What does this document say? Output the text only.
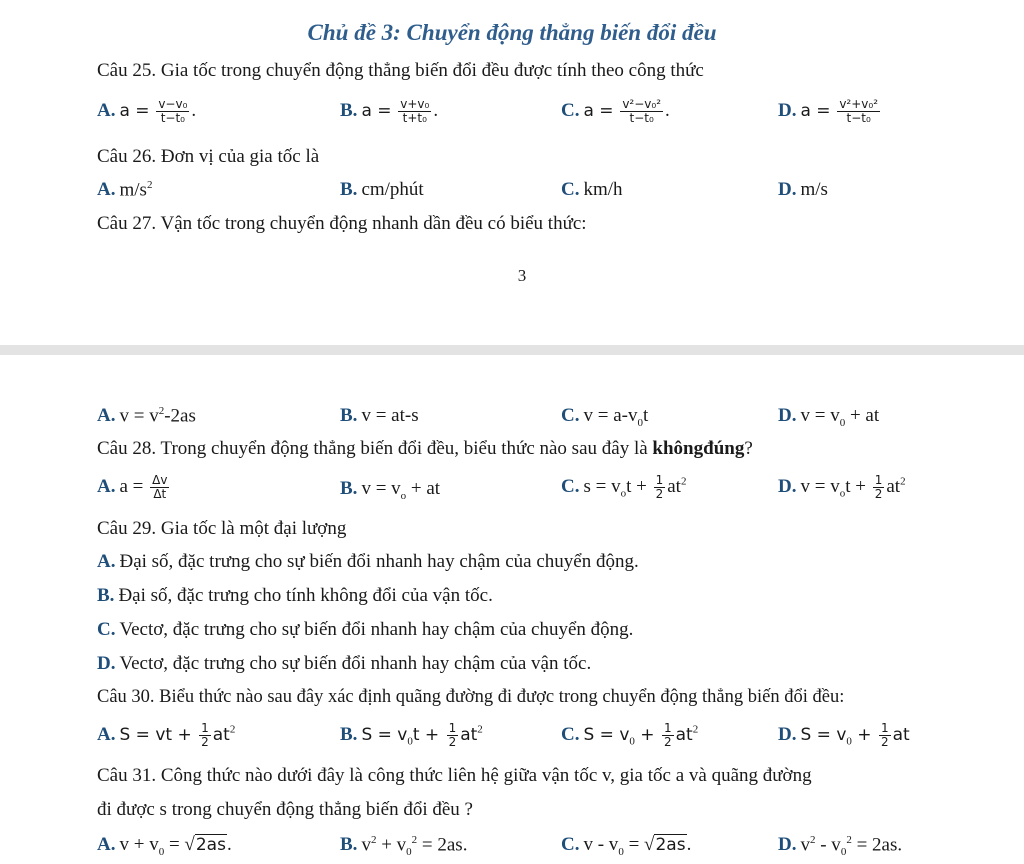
Chủ đề 3: Chuyển động thẳng biến đổi đều
Câu 25. Gia tốc trong chuyển động thẳng biến đổi đều được tính theo công thức
A. $a = \frac{\text{v−v₀}}{\text{t−t₀}}$ .	B. $a = \frac{\text{v+v₀}}{\text{t+t₀}}$ .	C. $a = \frac{\text{v²−v₀²}}{\text{t−t₀}}$ .	D. $a = \frac{\text{v²+v₀²}}{\text{t−t₀}}$
Câu 26. Đơn vị của gia tốc là
A. $m/s^2$	B. cm/phút	C. km/h	D. m/s
Câu 27. Vận tốc trong chuyển động nhanh dần đều có biểu thức:
3
A. $v = v^2-2as$	B. v = at-s	C. $v = a-v_0t$	D. $v = v_0$ + at
Câu 28. Trong chuyển động thẳng biến đổi đều, biểu thức nào sau đây là khôngđúng?
A. $a = \frac{\Delta v}{\Delta t}$	B. $v = v_o$ + at	C. $s = v_ot + \frac{1}{2} at^2$	D. $v = v_ot + \frac{1}{2} at^2$
Câu 29. Gia tốc là một đại lượng
A. Đại số, đặc trưng cho sự biến đổi nhanh hay chậm của chuyển động.
B. Đại số, đặc trưng cho tính không đổi của vận tốc.
C. Vectơ, đặc trưng cho sự biến đổi nhanh hay chậm của chuyển động.
D. Vectơ, đặc trưng cho sự biến đổi nhanh hay chậm của vận tốc.
Câu 30. Biểu thức nào sau đây xác định quãng đường đi được trong chuyển động thẳng biến đổi đều:
A. S = vt + $\frac{1}{2} at^2$	B. $S = v_0t + \frac{1}{2} at^2$	C. $S = v_0 + \frac{1}{2} at^2$	D. $S = v_0 + \frac{1}{2}$ at
Câu 31. Công thức nào dưới đây là công thức liên hệ giữa vận tốc v, gia tốc a và quãng đường
đi được s trong chuyển động thẳng biến đổi đều ?
A. $v + v_0 = √2as$.	B. $v^2 + v_0^2 = 2as$.	C. $v - v_0 = √2as$.	D. $v^2 - v_0^2 = 2as$.
